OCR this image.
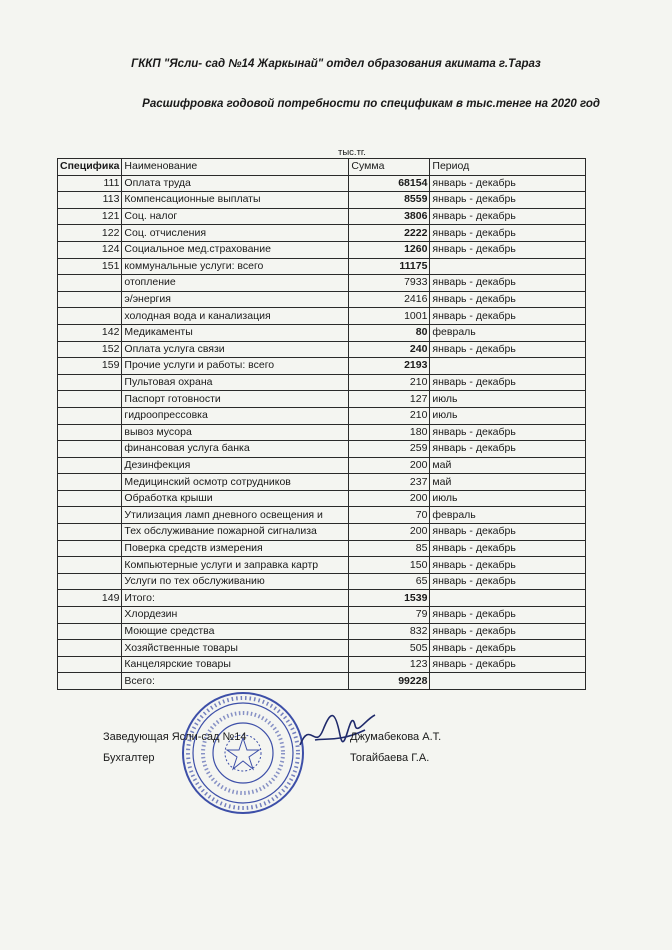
ГККП "Ясли- сад №14 Жаркынай" отдел образования акимата г.Тараз
Расшифровка годовой потребности по спецификам в тыс.тенге на 2020 год
тыс.тг.
Специфика	Наименование	Сумма	Период
111	Оплата труда	68154	январь - декабрь
113	Компенсационные выплаты	8559	январь - декабрь
121	Соц. налог	3806	январь - декабрь
122	Соц. отчисления	2222	январь - декабрь
124	Социальное мед.страхование	1260	январь - декабрь
151	коммунальные услуги: всего	11175	
	отопление	7933	январь - декабрь
	э/энергия	2416	январь - декабрь
	холодная вода и канализация	1001	январь - декабрь
142	Медикаменты	80	февраль
152	Оплата услуга связи	240	январь - декабрь
159	Прочие услуги и работы: всего	2193	
	Пультовая охрана	210	январь - декабрь
	Паспорт готовности	127	июль
	гидроопрессовка	210	июль
	вывоз мусора	180	январь - декабрь
	финансовая услуга банка	259	январь - декабрь
	Дезинфекция	200	май
	Медицинский осмотр сотрудников	237	май
	Обработка крыши	200	июль
	Утилизация ламп дневного освещения и	70	февраль
	Тех обслуживание пожарной сигнализа	200	январь - декабрь
	Поверка средств измерения	85	январь - декабрь
	Компьютерные услуги и заправка картр	150	январь - декабрь
	Услуги по тех обслуживанию	65	январь - декабрь
149	Итого:	1539	
	Хлордезин	79	январь - декабрь
	Моющие средства	832	январь - декабрь
	Хозяйственные товары	505	январь - декабрь
	Канцелярские товары	123	январь - декабрь
	Всего:	99228	
Заведующая Ясли-сад №14
Бухгалтер
Джумабекова А.Т.
Тогайбаева Г.А.
